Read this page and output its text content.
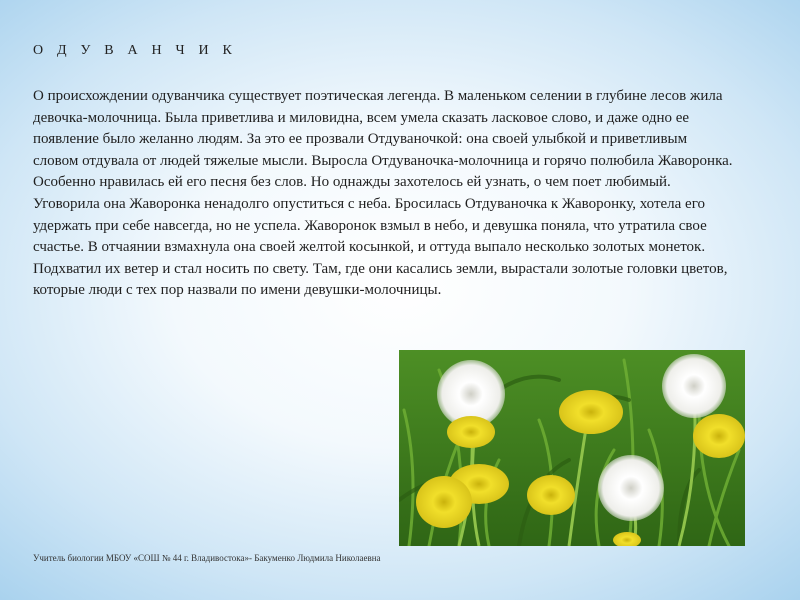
О Д У В А Н Ч И К

О происхождении одуванчика существует поэтическая легенда. В маленьком селении в глубине лесов жила девочка-молочница. Была приветлива и миловидна, всем умела сказать ласковое слово, и даже одно ее появление было желанно людям. За это ее прозвали Отдуваночкой: она своей улыбкой и приветливым словом отдувала от людей тяжелые мысли. Выросла Отдуваночка-молочница и горячо полюбила Жаворонка. Особенно нравилась ей его песня без слов. Но однажды захотелось ей узнать, о чем поет любимый. Уговорила она Жаворонка ненадолго опуститься с неба. Бросилась Отдуваночка к Жаворонку, хотела его удержать при себе навсегда, но не успела. Жаворонок взмыл в небо, и девушка поняла, что утратила свое счастье. В отчаянии взмахнула она своей желтой косынкой, и оттуда выпало несколько золотых монеток. Подхватил их ветер и стал носить по свету. Там, где они касались земли, вырастали золотые головки цветов, которые люди с тех пор назвали по имени девушки-молочницы.

Учитель биологии МБОУ «СОШ № 44 г. Владивостока»- Бакуменко Людмила Николаевна
